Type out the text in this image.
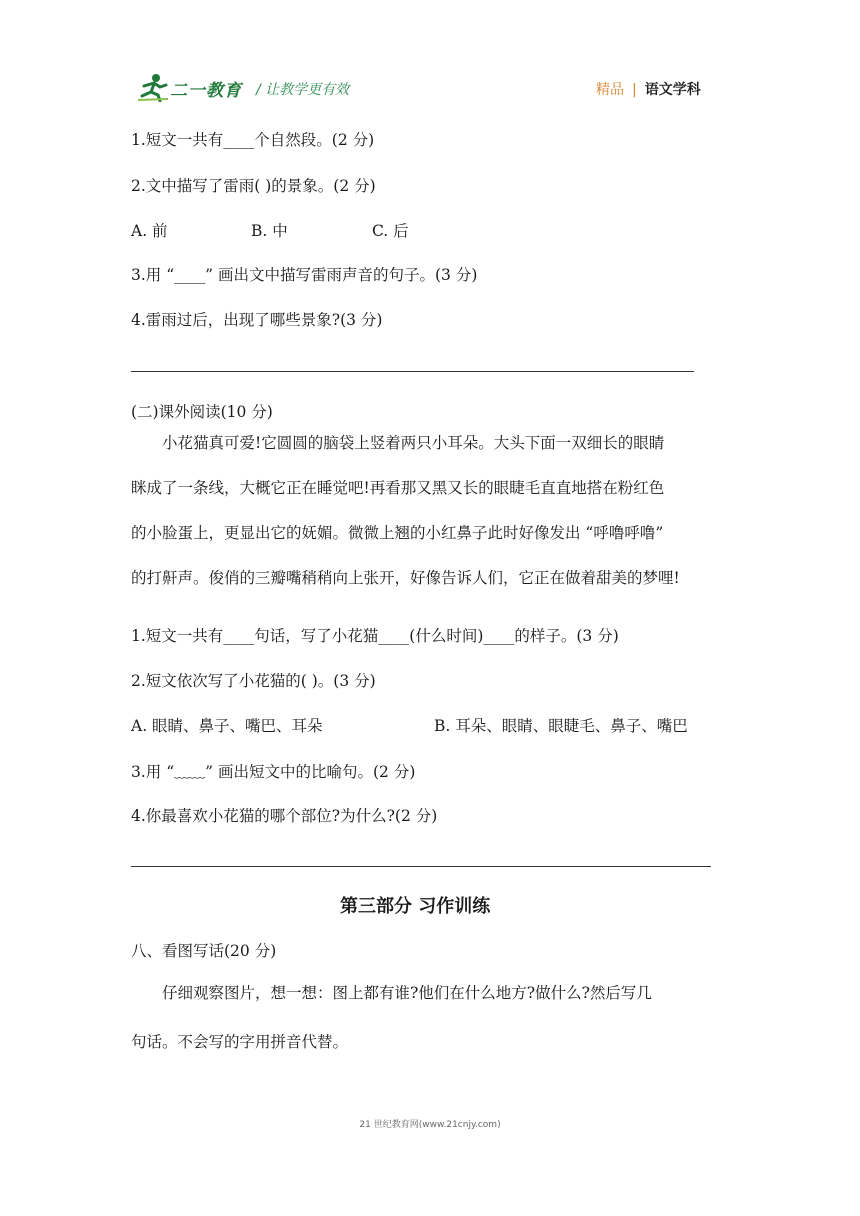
二一教育 / 让教学更有效	精品 | 语文学科
1.短文一共有____个自然段。(2 分)
2.文中描写了雷雨( )的景象。(2 分)
A. 前	B. 中	C. 后
3.用 “____” 画出文中描写雷雨声音的句子。(3 分)
4.雷雨过后，出现了哪些景象?(3 分)
(二)课外阅读(10 分)
小花猫真可爱!它圆圆的脑袋上竖着两只小耳朵。大头下面一双细长的眼睛
眯成了一条线，大概它正在睡觉吧!再看那又黑又长的眼睫毛直直地搭在粉红色
的小脸蛋上，更显出它的妩媚。微微上翘的小红鼻子此时好像发出 “呼噜呼噜”
的打鼾声。俊俏的三瓣嘴稍稍向上张开，好像告诉人们，它正在做着甜美的梦哩!
1.短文一共有____句话，写了小花猫____(什么时间)____的样子。(3 分)
2.短文依次写了小花猫的( )。(3 分)
A. 眼睛、鼻子、嘴巴、耳朵	B. 耳朵、眼睛、眼睫毛、鼻子、嘴巴
3.用 “﹏﹏” 画出短文中的比喻句。(2 分)
4.你最喜欢小花猫的哪个部位?为什么?(2 分)
第三部分 习作训练
八、看图写话(20 分)
仔细观察图片，想一想：图上都有谁?他们在什么地方?做什么?然后写几
句话。不会写的字用拼音代替。
21 世纪教育网(www.21cnjy.com)
